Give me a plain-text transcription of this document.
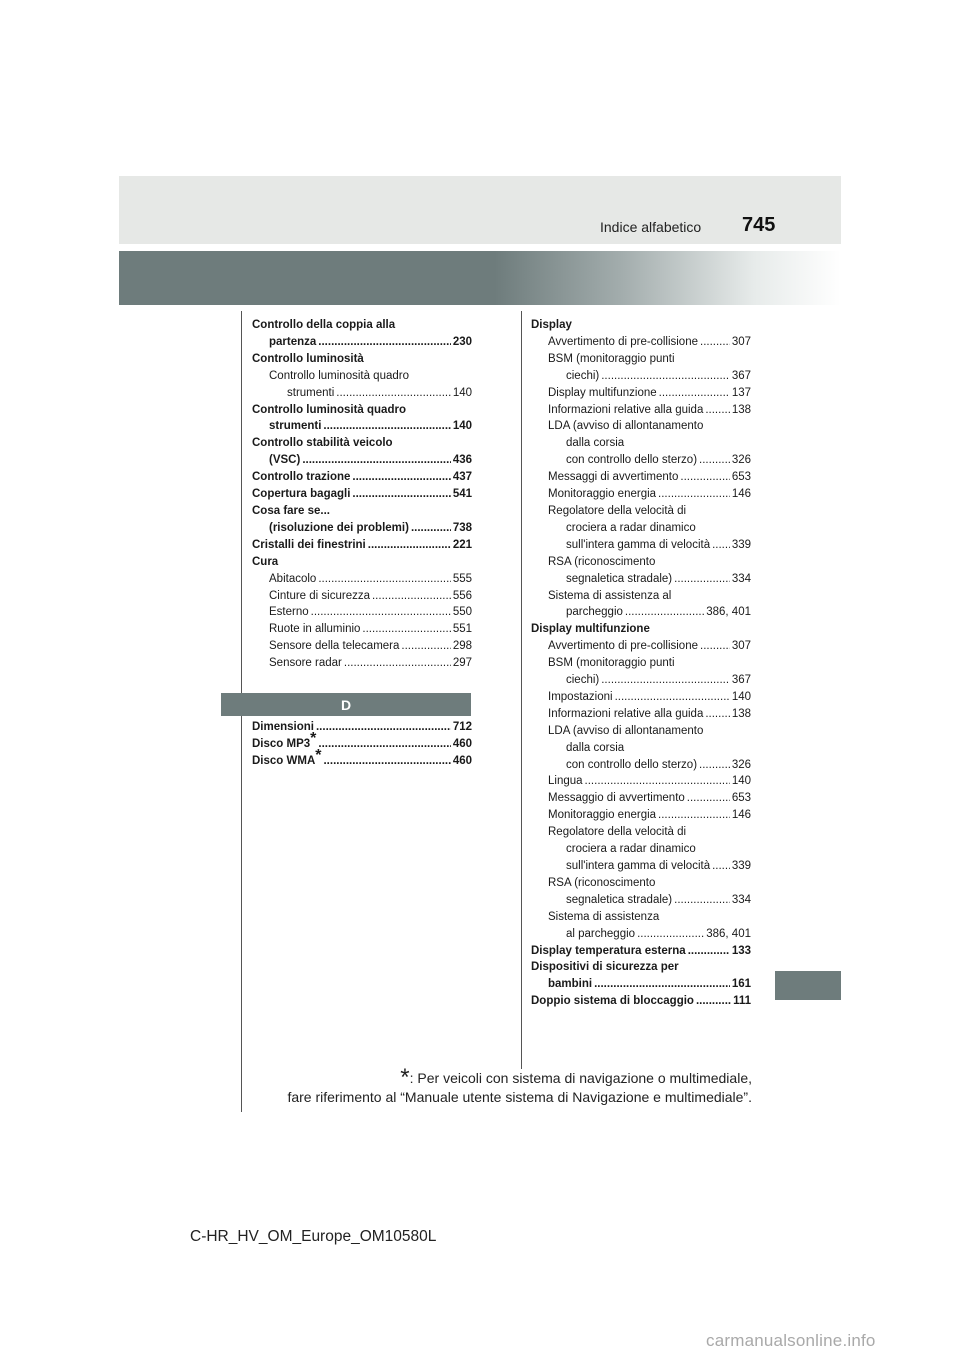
Indice alfabetico 745
Controllo della coppia alla
partenza .....	230
Controllo luminosità
Controllo luminosità quadro
strumenti .....	140
Controllo luminosità quadro
strumenti .....	140
Controllo stabilità veicolo
(VSC) .....	436
Controllo trazione .....	437
Copertura bagagli .....	541
Cosa fare se...
(risoluzione dei problemi) .....	738
Cristalli dei finestrini .....	221
Cura
Abitacolo .....	555
Cinture di sicurezza .....	556
Esterno .....	550
Ruote in alluminio .....	551
Sensore della telecamera .....	298
Sensore radar .....	297
D
Dimensioni .....	712
Disco MP3* .....	460
Disco WMA* .....	460
Display
Avvertimento di pre-collisione .....	307
BSM (monitoraggio punti
ciechi) .....	367
Display multifunzione .....	137
Informazioni relative alla guida ..... 138
LDA (avviso di allontanamento
dalla corsia
con controllo dello sterzo) .....	326
Messaggi di avvertimento .....	653
Monitoraggio energia .....	146
Regolatore della velocità di
crociera a radar dinamico
sull'intera gamma di velocità ..... 339
RSA (riconoscimento
segnaletica stradale) .....	334
Sistema di assistenza al
parcheggio .....	386, 401
Display multifunzione
Avvertimento di pre-collisione .....	307
BSM (monitoraggio punti
ciechi) .....	367
Impostazioni .....	140
Informazioni relative alla guida ..... 138
LDA (avviso di allontanamento
dalla corsia
con controllo dello sterzo) .....	326
Lingua .....	140
Messaggio di avvertimento .....	653
Monitoraggio energia .....	146
Regolatore della velocità di
crociera a radar dinamico
sull'intera gamma di velocità ..... 339
RSA (riconoscimento
segnaletica stradale) .....	334
Sistema di assistenza
al parcheggio .....	386, 401
Display temperatura esterna .....	133
Dispositivi di sicurezza per
bambini .....	161
Doppio sistema di bloccaggio .....	111
*: Per veicoli con sistema di navigazione o multimediale,
fare riferimento al “Manuale utente sistema di Navigazione e multimediale”.
C-HR_HV_OM_Europe_OM10580L
carmanualsonline.info
